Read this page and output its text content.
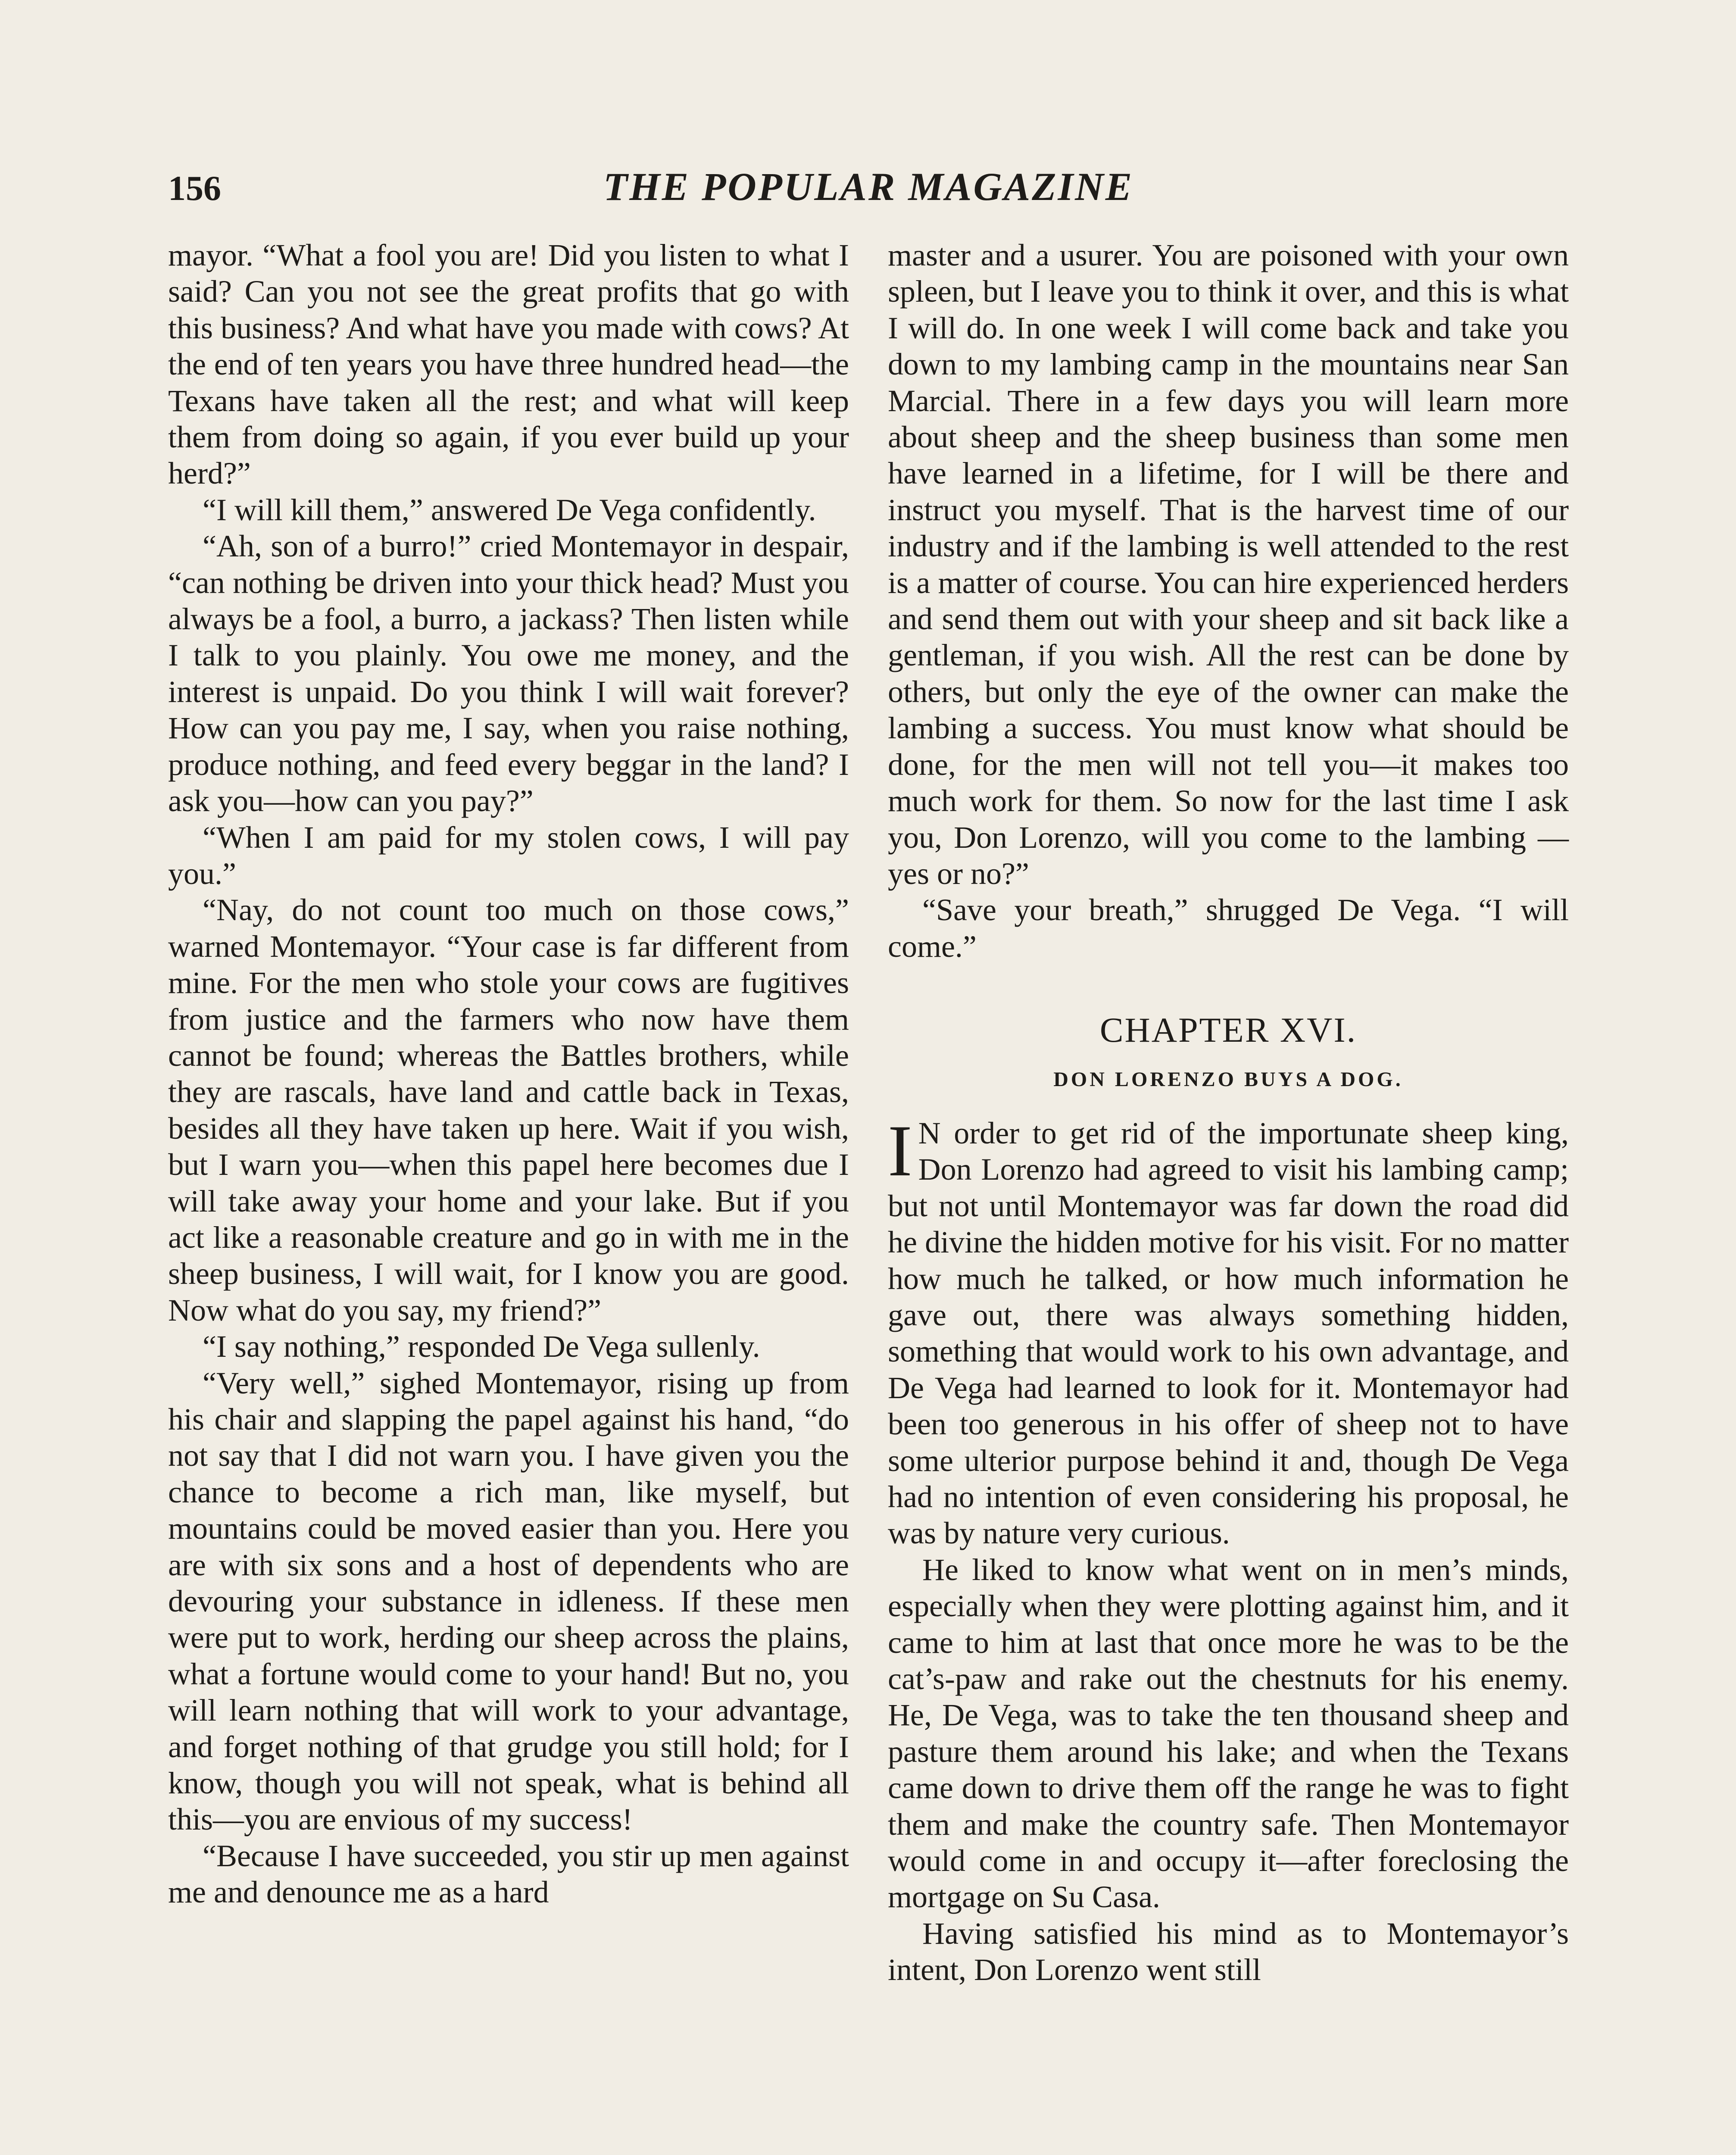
156	THE POPULAR MAGAZINE

mayor. “What a fool you are! Did you listen to what I said? Can you not see the great profits that go with this business? And what have you made with cows? At the end of ten years you have three hundred head—the Texans have taken all the rest; and what will keep them from doing so again, if you ever build up your herd?”

“I will kill them,” answered De Vega confidently.

“Ah, son of a burro!” cried Montemayor in despair, “can nothing be driven into your thick head? Must you always be a fool, a burro, a jackass? Then listen while I talk to you plainly. You owe me money, and the interest is unpaid. Do you think I will wait forever? How can you pay me, I say, when you raise nothing, produce nothing, and feed every beggar in the land? I ask you—how can you pay?”

“When I am paid for my stolen cows, I will pay you.”

“Nay, do not count too much on those cows,” warned Montemayor. “Your case is far different from mine. For the men who stole your cows are fugitives from justice and the farmers who now have them cannot be found; whereas the Battles brothers, while they are rascals, have land and cattle back in Texas, besides all they have taken up here. Wait if you wish, but I warn you—when this papel here becomes due I will take away your home and your lake. But if you act like a reasonable creature and go in with me in the sheep business, I will wait, for I know you are good. Now what do you say, my friend?”

“I say nothing,” responded De Vega sullenly.

“Very well,” sighed Montemayor, rising up from his chair and slapping the papel against his hand, “do not say that I did not warn you. I have given you the chance to become a rich man, like myself, but mountains could be moved easier than you. Here you are with six sons and a host of dependents who are devouring your substance in idleness. If these men were put to work, herding our sheep across the plains, what a fortune would come to your hand! But no, you will learn nothing that will work to your advantage, and forget nothing of that grudge you still hold; for I know, though you will not speak, what is behind all this—you are envious of my success!

“Because I have succeeded, you stir up men against me and denounce me as a hard

master and a usurer. You are poisoned with your own spleen, but I leave you to think it over, and this is what I will do. In one week I will come back and take you down to my lambing camp in the mountains near San Marcial. There in a few days you will learn more about sheep and the sheep business than some men have learned in a lifetime, for I will be there and instruct you myself. That is the harvest time of our industry and if the lambing is well attended to the rest is a matter of course. You can hire experienced herders and send them out with your sheep and sit back like a gentleman, if you wish. All the rest can be done by others, but only the eye of the owner can make the lambing a success. You must know what should be done, for the men will not tell you—it makes too much work for them. So now for the last time I ask you, Don Lorenzo, will you come to the lambing —yes or no?”

“Save your breath,” shrugged De Vega. “I will come.”

CHAPTER XVI.
DON LORENZO BUYS A DOG.

I N order to get rid of the importunate sheep king, Don Lorenzo had agreed to visit his lambing camp; but not until Montemayor was far down the road did he divine the hidden motive for his visit. For no matter how much he talked, or how much information he gave out, there was always something hidden, something that would work to his own advantage, and De Vega had learned to look for it. Montemayor had been too generous in his offer of sheep not to have some ulterior purpose behind it and, though De Vega had no intention of even considering his proposal, he was by nature very curious.

He liked to know what went on in men’s minds, especially when they were plotting against him, and it came to him at last that once more he was to be the cat’s-paw and rake out the chestnuts for his enemy. He, De Vega, was to take the ten thousand sheep and pasture them around his lake; and when the Texans came down to drive them off the range he was to fight them and make the country safe. Then Montemayor would come in and occupy it—after foreclosing the mortgage on Su Casa.

Having satisfied his mind as to Montemayor’s intent, Don Lorenzo went still
